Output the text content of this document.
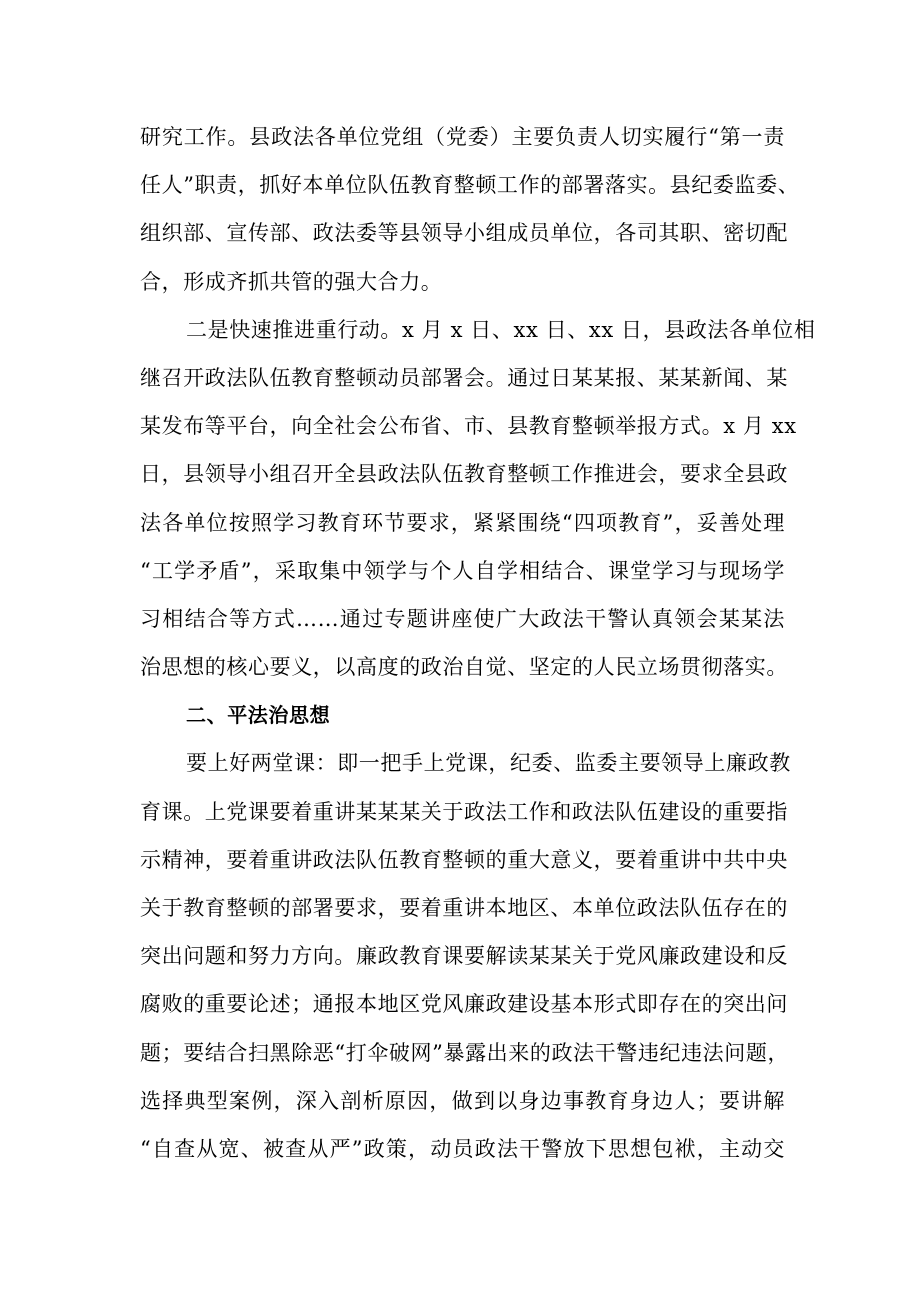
研究工作。县政法各单位党组（党委）主要负责人切实履行“第一责
任人”职责，抓好本单位队伍教育整顿工作的部署落实。县纪委监委、
组织部、宣传部、政法委等县领导小组成员单位，各司其职、密切配
合，形成齐抓共管的强大合力。
二是快速推进重行动。x 月 x 日、xx 日、xx 日，县政法各单位相
继召开政法队伍教育整顿动员部署会。通过日某某报、某某新闻、某
某发布等平台，向全社会公布省、市、县教育整顿举报方式。x 月 xx
日，县领导小组召开全县政法队伍教育整顿工作推进会，要求全县政
法各单位按照学习教育环节要求，紧紧围绕“四项教育”，妥善处理
“工学矛盾”，采取集中领学与个人自学相结合、课堂学习与现场学
习相结合等方式……通过专题讲座使广大政法干警认真领会某某法
治思想的核心要义，以高度的政治自觉、坚定的人民立场贯彻落实。
二、平法治思想
要上好两堂课：即一把手上党课，纪委、监委主要领导上廉政教
育课。上党课要着重讲某某某关于政法工作和政法队伍建设的重要指
示精神，要着重讲政法队伍教育整顿的重大意义，要着重讲中共中央
关于教育整顿的部署要求，要着重讲本地区、本单位政法队伍存在的
突出问题和努力方向。廉政教育课要解读某某关于党风廉政建设和反
腐败的重要论述；通报本地区党风廉政建设基本形式即存在的突出问
题；要结合扫黑除恶“打伞破网”暴露出来的政法干警违纪违法问题，
选择典型案例，深入剖析原因，做到以身边事教育身边人；要讲解
“自查从宽、被查从严”政策，动员政法干警放下思想包袱，主动交
